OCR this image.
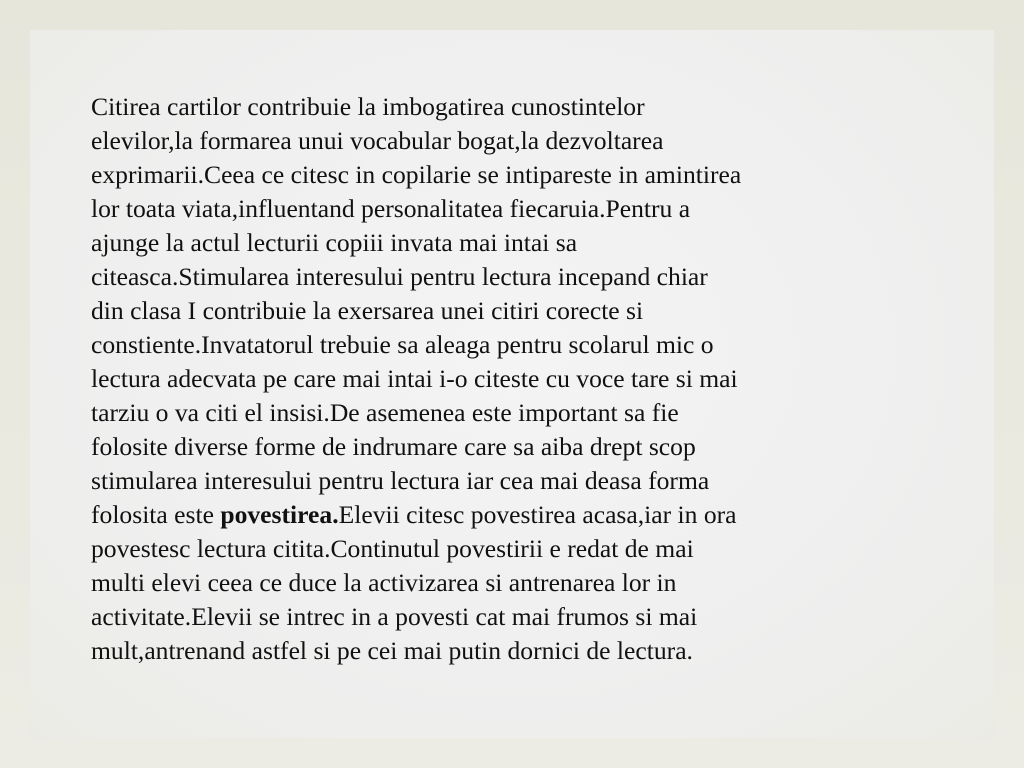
Citirea cartilor contribuie la imbogatirea cunostintelor
elevilor,la formarea unui vocabular bogat,la dezvoltarea
exprimarii.Ceea ce citesc in copilarie se intipareste in amintirea
lor toata viata,influentand personalitatea fiecaruia.Pentru a
ajunge la actul lecturii copiii invata mai intai sa
citeasca.Stimularea interesului pentru lectura incepand chiar
din clasa I contribuie la exersarea unei citiri corecte si
constiente.Invatatorul trebuie sa aleaga pentru scolarul mic o
lectura adecvata pe care mai intai i-o citeste cu voce tare si mai
tarziu o va citi el insisi.De asemenea este important sa fie
folosite diverse forme de indrumare care sa aiba drept scop
stimularea interesului pentru lectura iar cea mai deasa forma
folosita este povestirea.Elevii citesc povestirea acasa,iar in ora
povestesc lectura citita.Continutul povestirii e redat de mai
multi elevi ceea ce duce la activizarea si antrenarea lor in
activitate.Elevii se intrec in a povesti cat mai frumos si mai
mult,antrenand astfel si pe cei mai putin dornici de lectura.
